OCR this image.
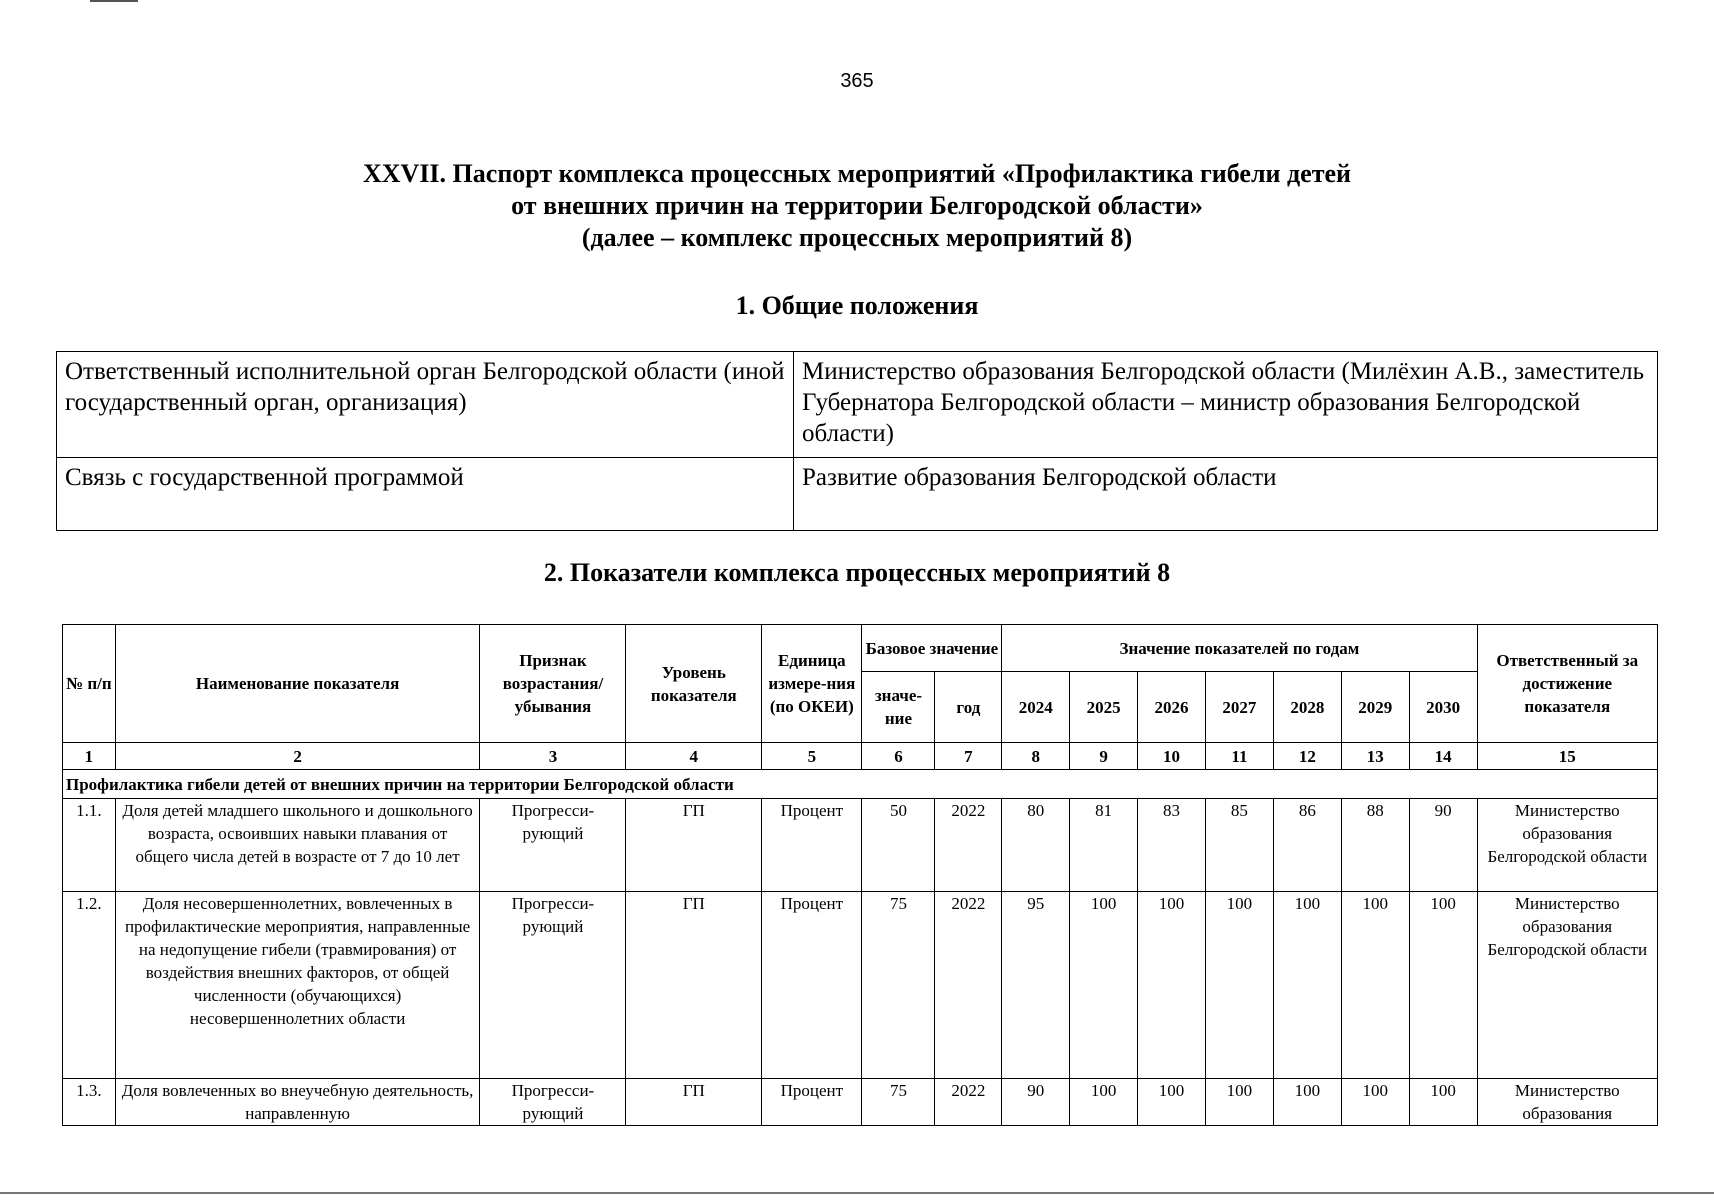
365
XXVII. Паспорт комплекса процессных мероприятий «Профилактика гибели детей
от внешних причин на территории Белгородской области»
(далее – комплекс процессных мероприятий 8)
1. Общие положения
Ответственный исполнительной орган Белгородской области (иной государственный орган, организация)	Министерство образования Белгородской области (Милёхин А.В., заместитель Губернатора Белгородской области – министр образования Белгородской области)
Связь с государственной программой	Развитие образования Белгородской области
2. Показатели комплекса процессных мероприятий 8
№ п/п	Наименование показателя	Признак возрастания/ убывания	Уровень показателя	Единица измере-ния (по ОКЕИ)	Базовое значение		Значение показателей по годам							Ответственный за достижение показателя
					значе-ние	год	2024	2025	2026	2027	2028	2029	2030	
1	2	3	4	5	6	7	8	9	10	11	12	13	14	15
Профилактика гибели детей от внешних причин на территории Белгородской области														
1.1.	Доля детей младшего школьного и дошкольного возраста, освоивших навыки плавания от общего числа детей в возрасте от 7 до 10 лет	Прогресси-рующий	ГП	Процент	50	2022	80	81	83	85	86	88	90	Министерство образования Белгородской области
1.2.	Доля несовершеннолетних, вовлеченных в профилактические мероприятия, направленные на недопущение гибели (травмирования) от воздействия внешних факторов, от общей численности (обучающихся) несовершеннолетних области	Прогресси-рующий	ГП	Процент	75	2022	95	100	100	100	100	100	100	Министерство образования Белгородской области
1.3.	Доля вовлеченных во внеучебную деятельность, направленную	Прогресси-рующий	ГП	Процент	75	2022	90	100	100	100	100	100	100	Министерство образования
